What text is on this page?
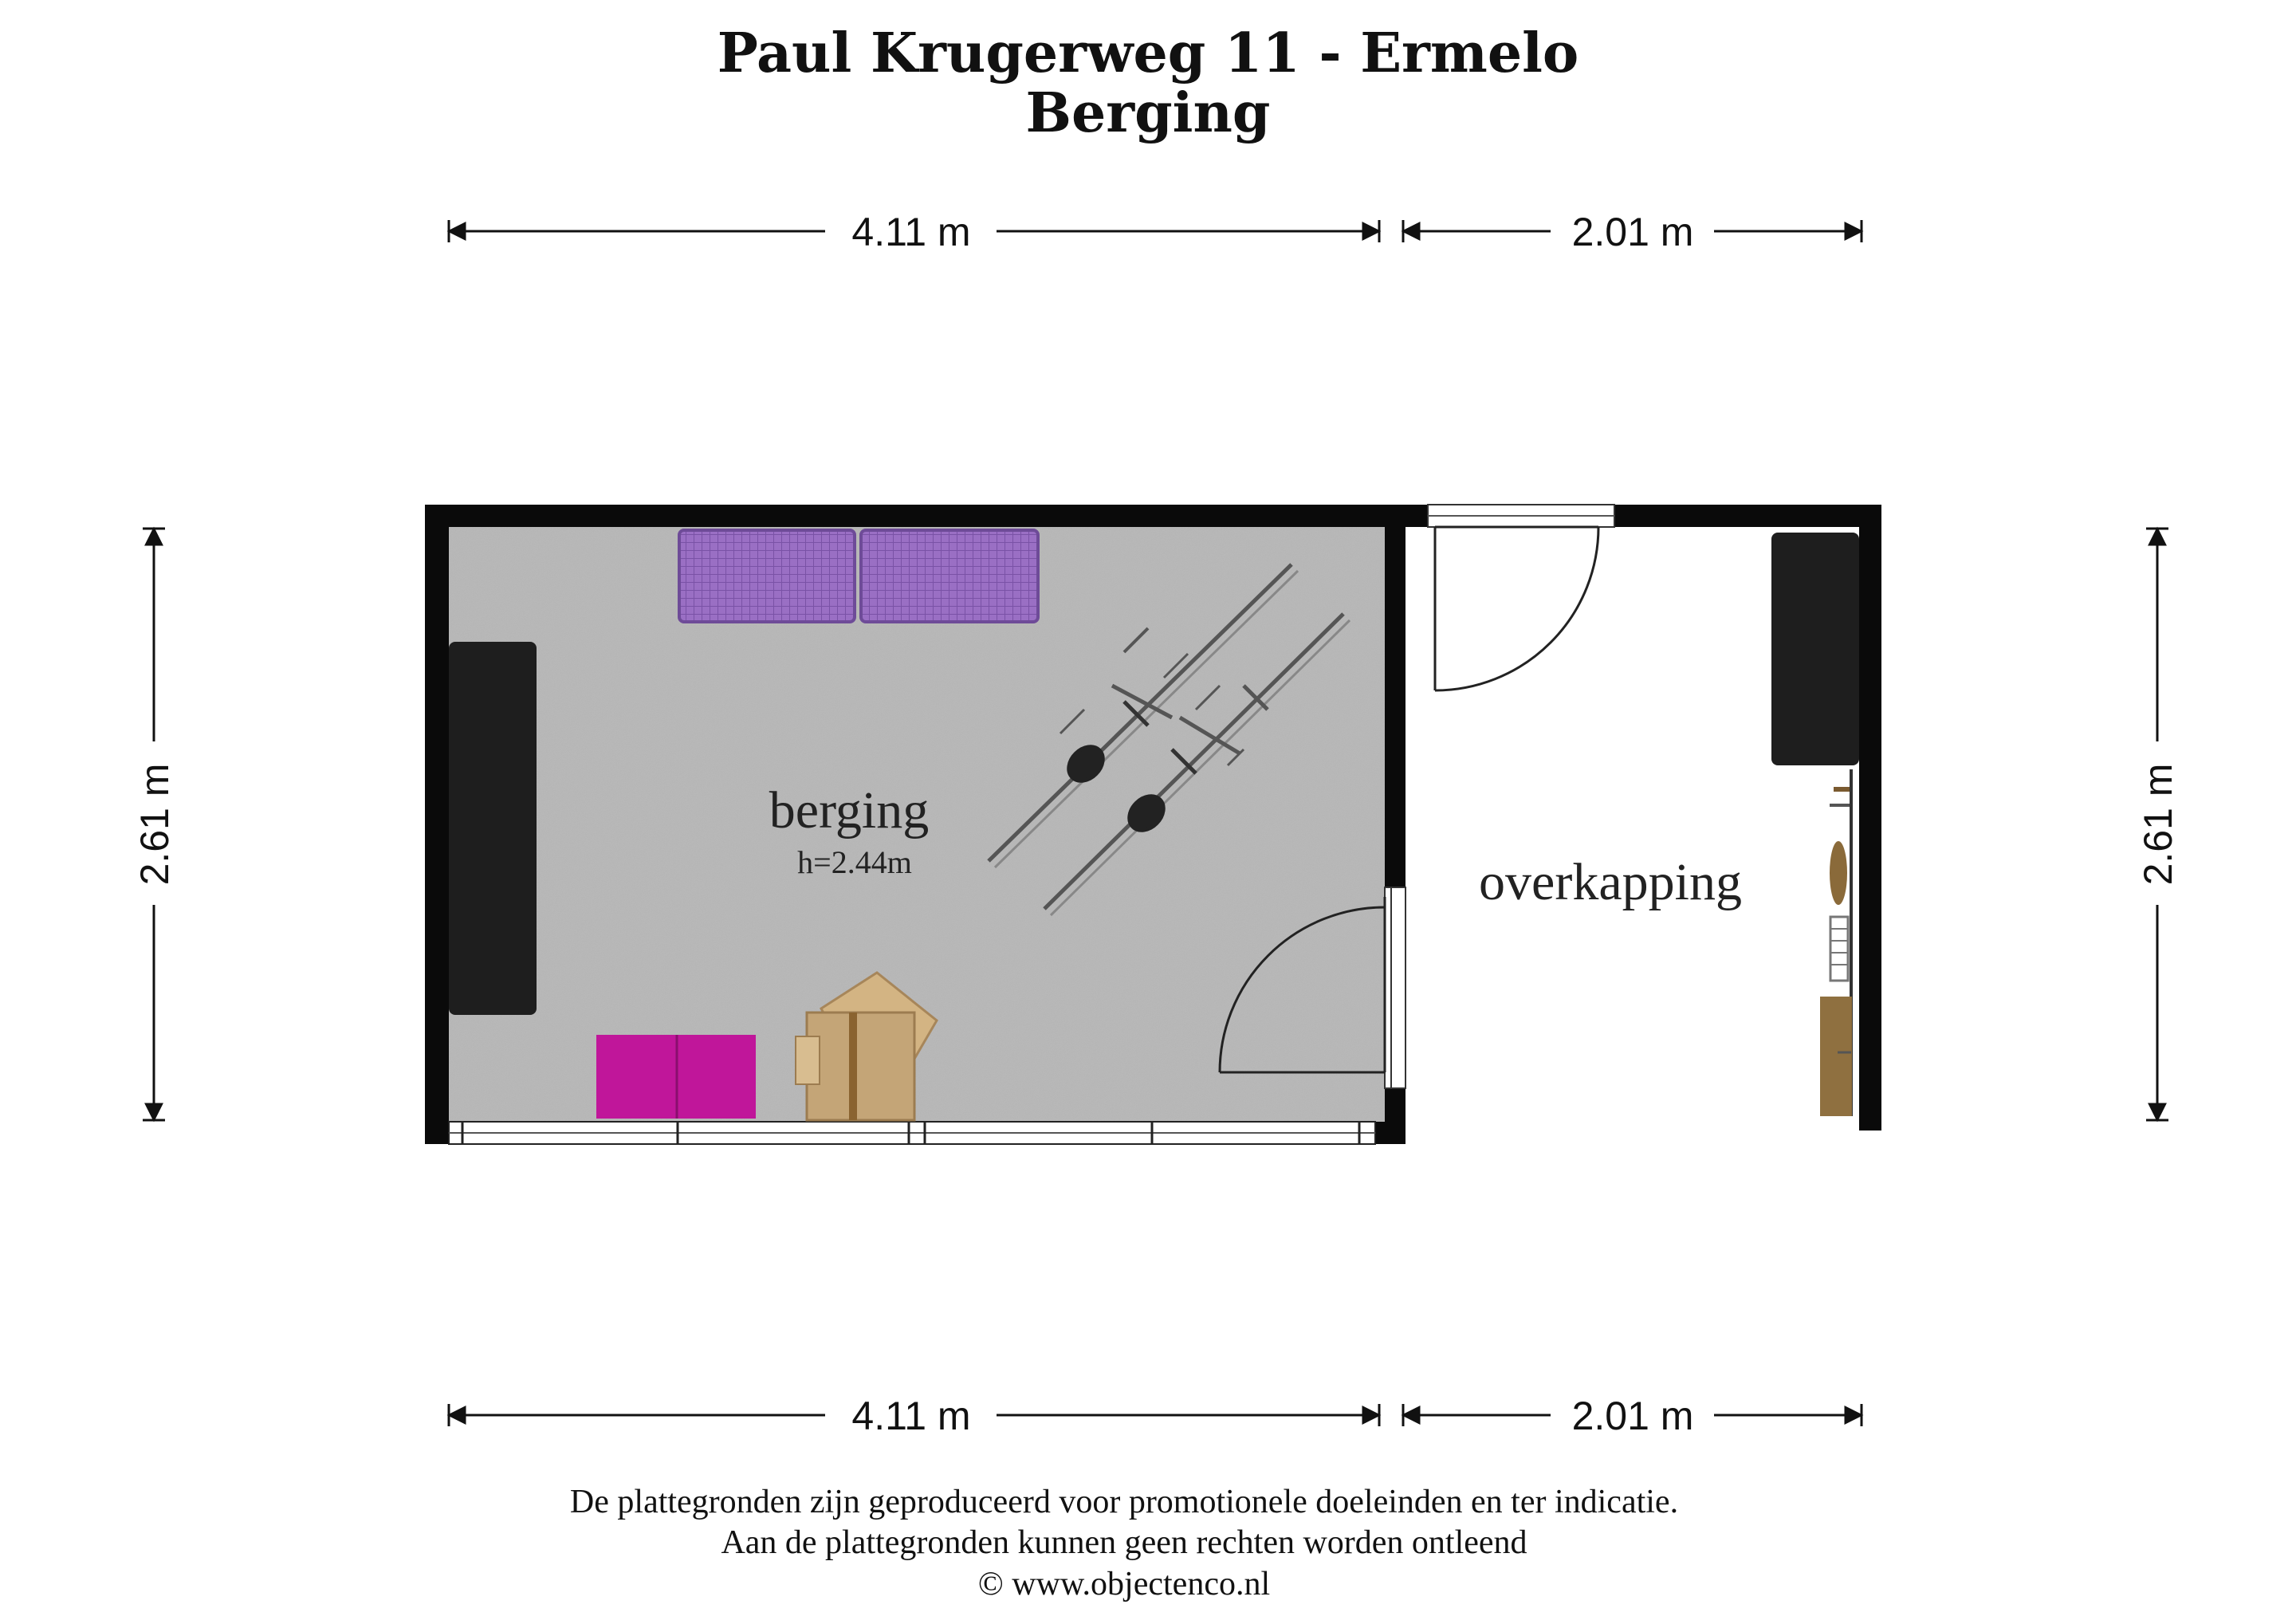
Paul Krugerweg 11 - Ermelo
Berging
4.11 m	2.01 m
4.11 m	2.01 m
2.61 m	2.61 m
berging
h=2.44m	overkapping
De plattegronden zijn geproduceerd voor promotionele doeleinden en ter indicatie.
Aan de plattegronden kunnen geen rechten worden ontleend
© www.objectenco.nl
